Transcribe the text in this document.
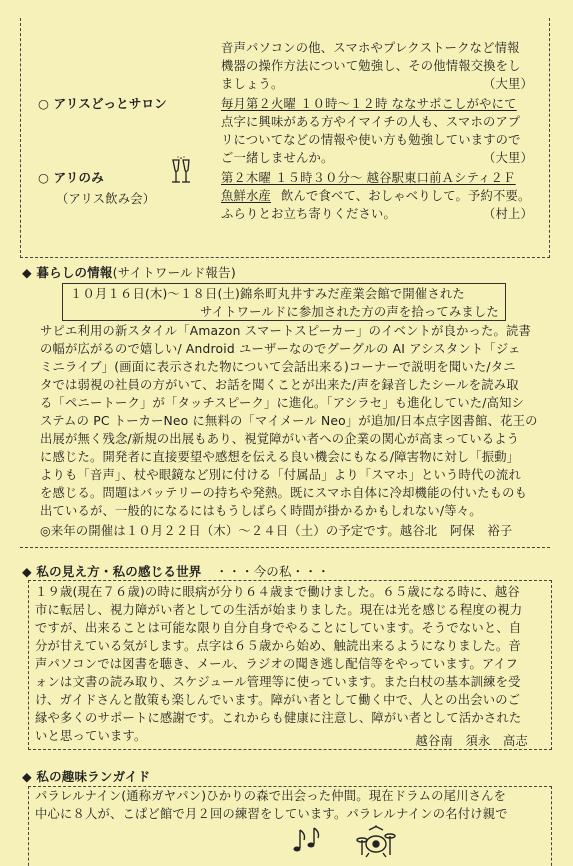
音声パソコンの他、スマホやプレクストークなど情報
機器の操作方法について勉強し、その他情報交換をし
ましょう。	（大里）
○ アリスどっとサロン	毎月第２火曜 １０時～１２時 ななサポこしがやにて
点字に興味がある方やイマイチの人も、スマホのアプ
リについてなどの情報や使い方も勉強していますので
ご一緒しませんか。	（大里）
○ アリのみ
（アリス飲み会）
第２木曜 １５時３０分～ 越谷駅東口前Ａシティ２Ｆ
魚鮮水産 飲んで食べて、おしゃべりして。予約不要。
ふらりとお立ち寄りください。	（村上）
◆ 暮らしの情報(サイトワールド報告)
１０月１６日(木)～１８日(土)錦糸町丸井すみだ産業会館で開催された
サイトワールドに参加された方の声を拾ってみました
サピエ利用の新スタイル「Amazon スマートスピーカー」のイベントが良かった。読書
の幅が広がるので嬉しい/ Android ユーザーなのでグーグルの AI アシスタント「ジェ
ミニライブ」(画面に表示された物について会話出来る)コーナーで説明を聞いた/タニ
タでは弱視の社員の方がいて、お話を聞くことが出来た/声を録音したシールを読み取
る「ペニートーク」が「タッチスピーク」に進化。「アシラセ」も進化していた/高知シ
ステムの PC トーカーNeo に無料の「マイメール Neo」が追加/日本点字図書館、花王の
出展が無く残念/新規の出展もあり、視覚障がい者への企業の関心が高まっているよう
に感じた。開発者に直接要望や感想を伝える良い機会にもなる/障害物に対し「振動」
よりも「音声」、杖や眼鏡など別に付ける「付属品」より「スマホ」という時代の流れ
を感じる。問題はバッテリーの持ちや発熱。既にスマホ自体に冷却機能の付いたものも
出ているが、一般的になるにはもうしばらく時間が掛かるかもしれない/等々。
◎来年の開催は１０月２２日（木）～２４日（土）の予定です。越谷北　阿保　裕子
◆ 私の見え方・私の感じる世界 ・・・今の私・・・
１９歳(現在７６歳)の時に眼病が分り６４歳まで働けました。６５歳になる時に、越谷
市に転居し、視力障がい者としての生活が始まりました。現在は光を感じる程度の視力
ですが、出来ることは可能な限り自分自身でやることにしています。そうでないと、自
分が甘えている気がします。点字は６５歳から始め、触読出来るようになりました。音
声パソコンでは図書を聴き、メール、ラジオの聞き逃し配信等をやっています。アイフ
ォンは文書の読み取り、スケジュール管理等に使っています。また白杖の基本訓練を受
け、ガイドさんと散策も楽しんでいます。障がい者として働く中で、人との出会いのご
縁や多くのサポートに感謝です。これからも健康に注意し、障がい者として活かされた
いと思っています。	越谷南　須永　高志
◆ 私の趣味ランガイド
パラレルナイン(通称ガヤパン)ひかりの森で出会った仲間。現在ドラムの尾川さんを
中心に８人が、こぱど館で月２回の練習をしています。パラレルナインの名付け親で
